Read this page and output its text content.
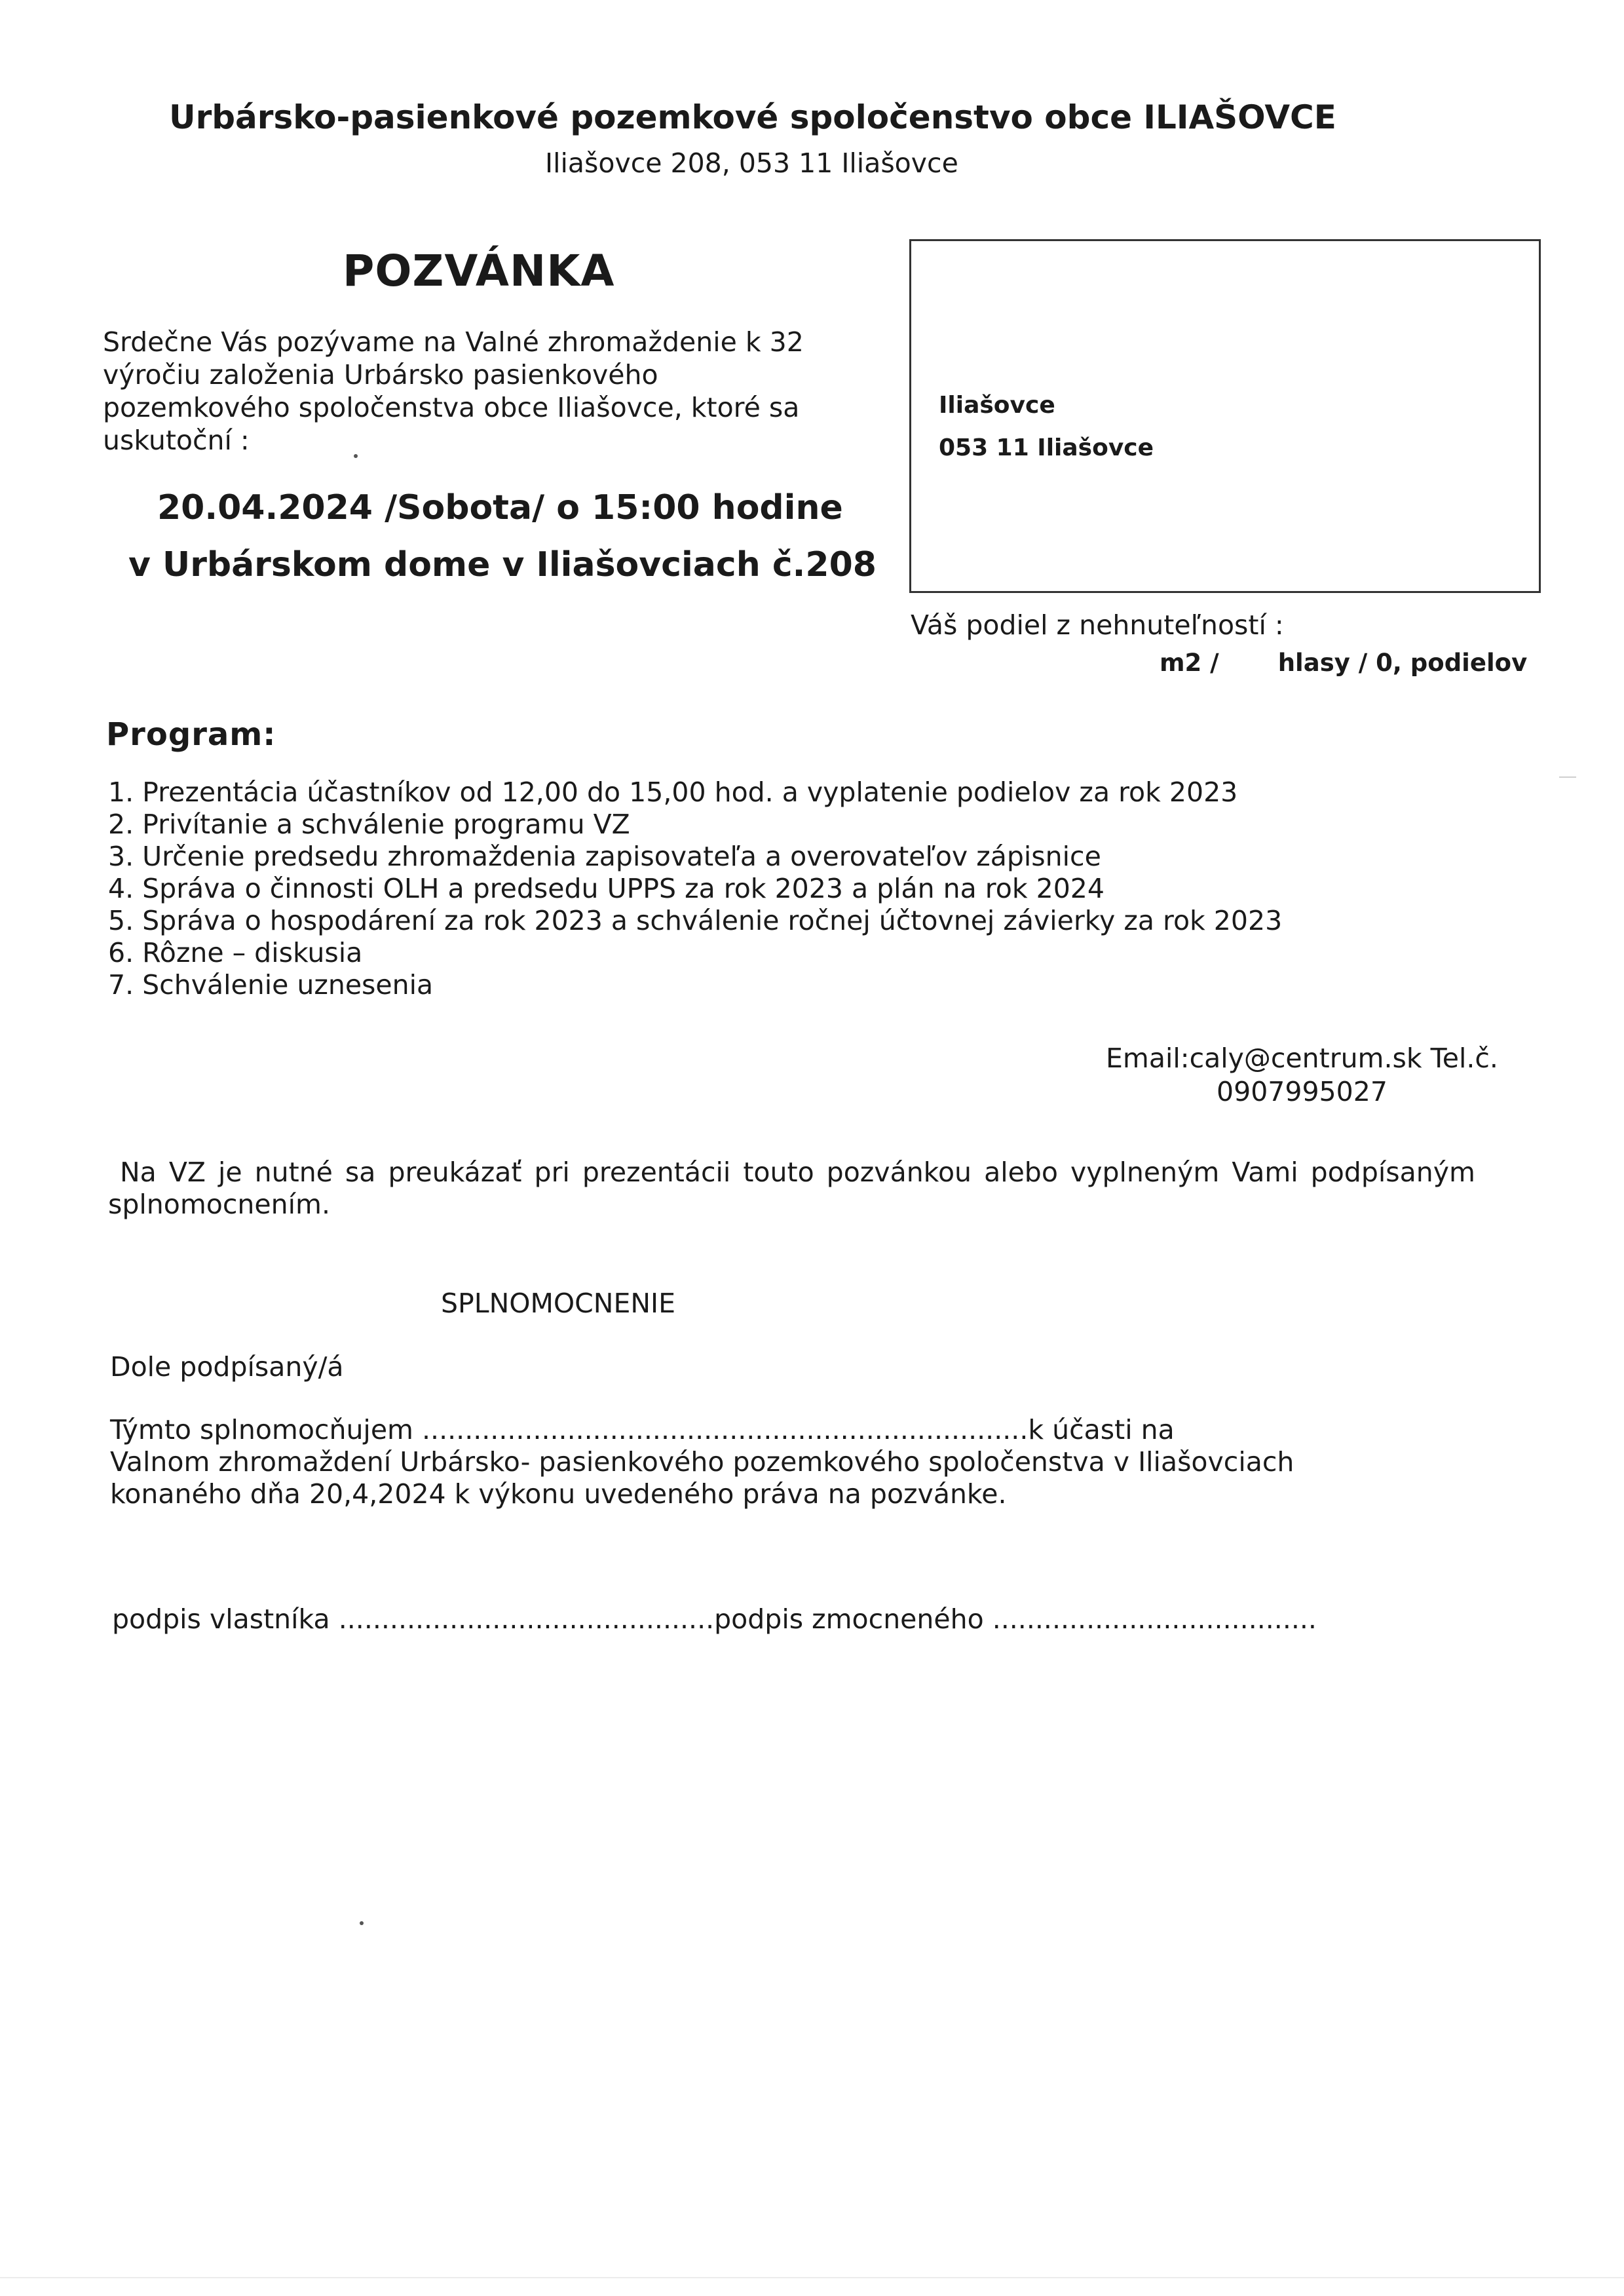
Urbársko-pasienkové pozemkové spoločenstvo obce ILIAŠOVCE
Iliašovce 208, 053 11 Iliašovce
POZVÁNKA
Srdečne Vás pozývame na Valné zhromaždenie k 32
výročiu založenia Urbársko pasienkového
pozemkového spoločenstva obce Iliašovce, ktoré sa
uskutoční :
20.04.2024 /Sobota/ o 15:00 hodine
v Urbárskom dome v Iliašovciach č.208
Iliašovce
053 11 Iliašovce
Váš podiel z nehnuteľností :
m2 / hlasy / 0, podielov
Program:
1. Prezentácia účastníkov od 12,00 do 15,00 hod. a vyplatenie podielov za rok 2023
2. Privítanie a schválenie programu VZ
3. Určenie predsedu zhromaždenia zapisovateľa a overovateľov zápisnice
4. Správa o činnosti OLH a predsedu UPPS za rok 2023 a plán na rok 2024
5. Správa o hospodárení za rok 2023 a schválenie ročnej účtovnej závierky za rok 2023
6. Rôzne – diskusia
7. Schválenie uznesenia
Email:caly@centrum.sk Tel.č.
0907995027
Na VZ je nutné sa preukázať pri prezentácii touto pozvánkou alebo vyplneným Vami podpísaným
splnomocnením.
SPLNOMOCNENIE
Dole podpísaný/á
Týmto splnomocňujem .......................................................................k účasti na
Valnom zhromaždení Urbársko- pasienkového pozemkového spoločenstva v Iliašovciach
konaného dňa 20,4,2024 k výkonu uvedeného práva na pozvánke.
podpis vlastníka ............................................podpis zmocneného ......................................
